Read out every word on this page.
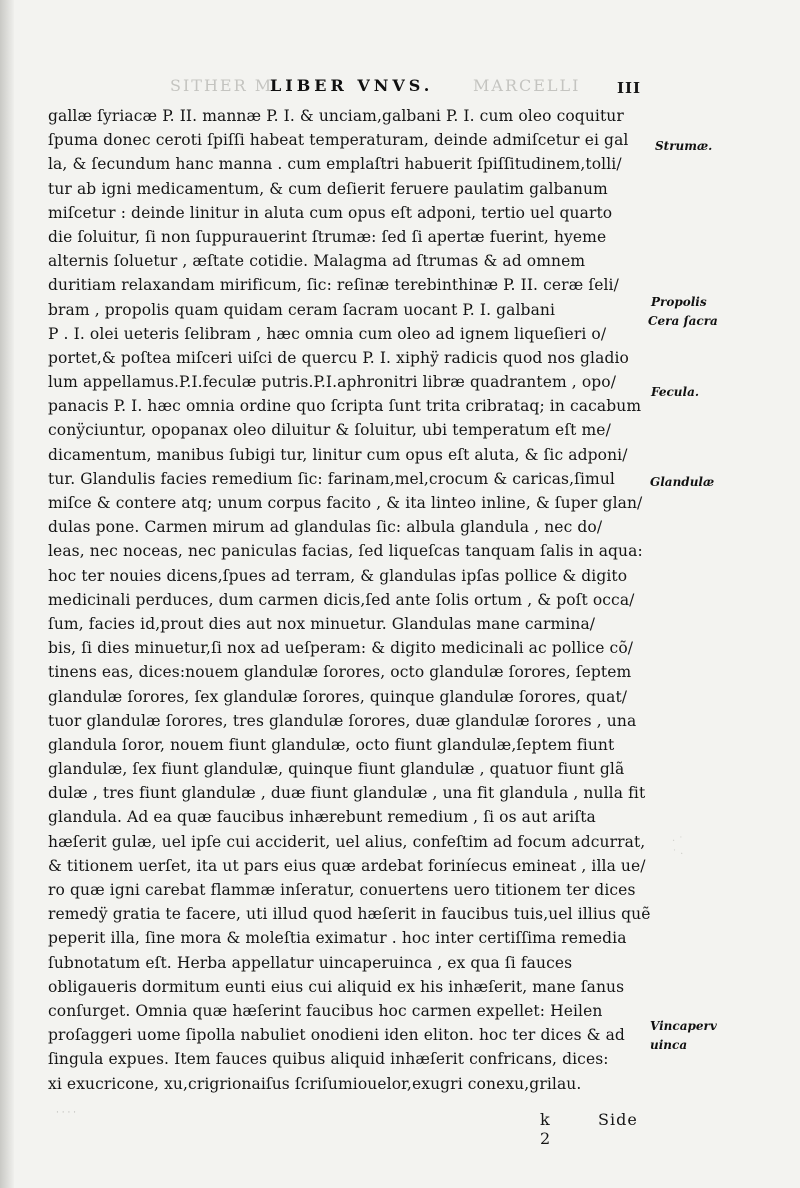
SITHER M
LIBER VNVS. MARCELLI III
gallæ ſyriacæ P. II. mannæ P. I. & unciam,galbani P. I. cum oleo coquitur
ſpuma donec ceroti ſpiſſi habeat temperaturam, deinde admiſcetur ei gal
la, & ſecundum hanc manna . cum emplaſtri habuerit ſpiſſitudinem,tolli/
tur ab igni medicamentum, & cum deſierit feruere paulatim galbanum
miſcetur : deinde linitur in aluta cum opus eſt adponi, tertio uel quarto
die ſoluitur, ſi non ſuppurauerint ſtrumæ: ſed ſi apertæ fuerint, hyeme
alternis ſoluetur , æſtate cotidie. Malagma ad ſtrumas & ad omnem
duritiam relaxandam mirificum, ſic: reſinæ terebinthinæ P. II. ceræ ſeli/
bram , propolis quam quidam ceram ſacram uocant P. I. galbani
P . I. olei ueteris ſelibram , hæc omnia cum oleo ad ignem liqueſieri o/
portet,& poſtea miſceri uiſci de quercu P. I. xiphÿ radicis quod nos gladio
lum appellamus.P.I.feculæ putris.P.I.aphronitri libræ quadrantem , opo/
panacis P. I. hæc omnia ordine quo ſcripta ſunt trita cribrataq; in cacabum
conÿciuntur, opopanax oleo diluitur & ſoluitur, ubi temperatum eſt me/
dicamentum, manibus ſubigi tur, linitur cum opus eſt aluta, & ſic adponi/
tur. Glandulis facies remedium ſic: farinam,mel,crocum & caricas,ſimul
miſce & contere atq; unum corpus facito , & ita linteo inline, & ſuper glan/
dulas pone. Carmen mirum ad glandulas ſic: albula glandula , nec do/
leas, nec noceas, nec paniculas facias, ſed liqueſcas tanquam ſalis in aqua:
hoc ter nouies dicens,ſpues ad terram, & glandulas ipſas pollice & digito
medicinali perduces, dum carmen dicis,ſed ante ſolis ortum , & poſt occa/
ſum, facies id,prout dies aut nox minuetur. Glandulas mane carmina/
bis, ſi dies minuetur,ſi nox ad ueſperam: & digito medicinali ac pollice cõ/
tinens eas, dices:nouem glandulæ ſorores, octo glandulæ ſorores, ſeptem
glandulæ ſorores, ſex glandulæ ſorores, quinque glandulæ ſorores, quat/
tuor glandulæ ſorores, tres glandulæ ſorores, duæ glandulæ ſorores , una
glandula ſoror, nouem fiunt glandulæ, octo fiunt glandulæ,ſeptem fiunt
glandulæ, ſex fiunt glandulæ, quinque fiunt glandulæ , quatuor fiunt glã
dulæ , tres fiunt glandulæ , duæ fiunt glandulæ , una fit glandula , nulla fit
glandula. Ad ea quæ faucibus inhærebunt remedium , ſi os aut ariſta
hæſerit gulæ, uel ipſe cui acciderit, uel alius, confeſtim ad focum adcurrat,
& titionem uerſet, ita ut pars eius quæ ardebat foriníecus emineat , illa ue/
ro quæ igni carebat flammæ inſeratur, conuertens uero titionem ter dices
remedÿ gratia te facere, uti illud quod hæſerit in faucibus tuis,uel illius quẽ
peperit illa, ſine mora & moleſtia eximatur . hoc inter certiſſima remedia
ſubnotatum eſt. Herba appellatur uincaperuinca , ex qua ſi fauces
obligaueris dormitum eunti eius cui aliquid ex his inhæſerit, mane ſanus
conſurget. Omnia quæ hæſerint faucibus hoc carmen expellet: Heilen
proſaggeri uome ſipolla nabuliet onodieni iden eliton. hoc ter dices & ad
ſingula expues. Item fauces quibus aliquid inhæſerit confricans, dices:
xi exucricone, xu,crigrionaiſus ſcriſumiouelor,exugri conexu,grilau.
Strumæ.
Propolis
Cera ſacra
Fecula.
Glandulæ
Vincaperv
uinca
· ˙
˙ ·
k 2
Side
· · · ·
